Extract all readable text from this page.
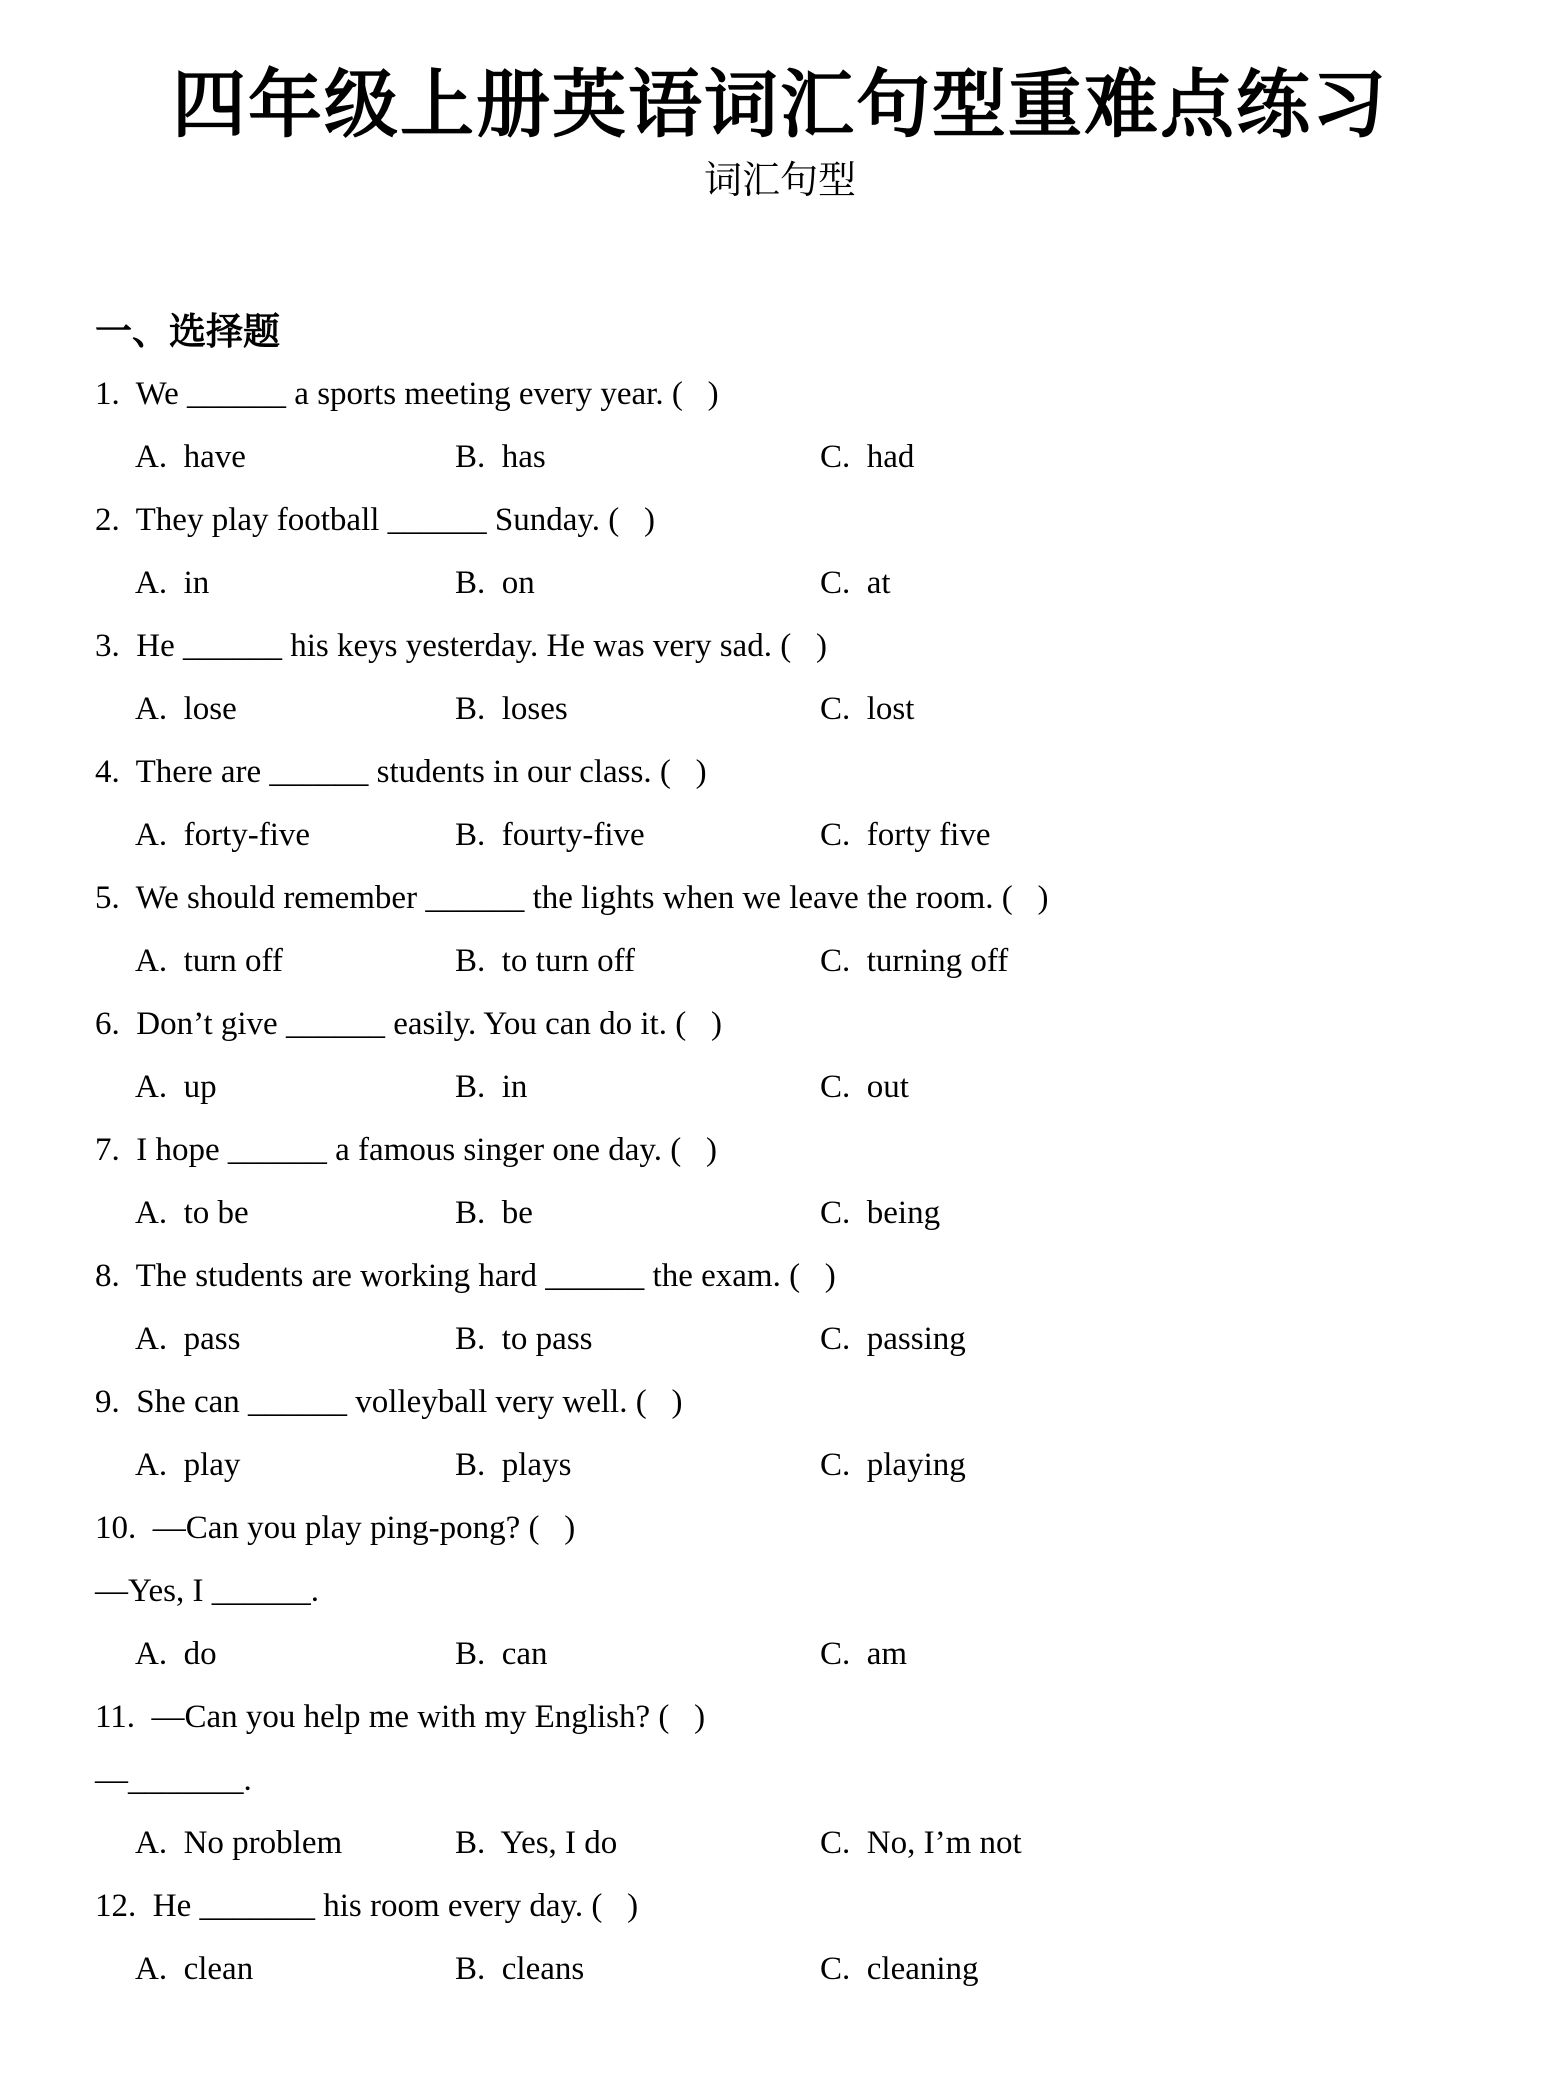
四年级上册英语词汇句型重难点练习
词汇句型
一、选择题
1.  We ______ a sports meeting every year. (   )
A.  have	B.  has	C.  had
2.  They play football ______ Sunday. (   )
A.  in	B.  on	C.  at
3.  He ______ his keys yesterday. He was very sad. (   )
A.  lose	B.  loses	C.  lost
4.  There are ______ students in our class. (   )
A.  forty-five	B.  fourty-five	C.  forty five
5.  We should remember ______ the lights when we leave the room. (   )
A.  turn off	B.  to turn off	C.  turning off
6.  Don’t give ______ easily. You can do it. (   )
A.  up	B.  in	C.  out
7.  I hope ______ a famous singer one day. (   )
A.  to be	B.  be	C.  being
8.  The students are working hard ______ the exam. (   )
A.  pass	B.  to pass	C.  passing
9.  She can ______ volleyball very well. (   )
A.  play	B.  plays	C.  playing
10.  —Can you play ping-pong? (   )
—Yes, I ______.
A.  do	B.  can	C.  am
11.  —Can you help me with my English? (   )
—_______.
A.  No problem	B.  Yes, I do	C.  No, I’m not
12.  He _______ his room every day. (   )
A.  clean	B.  cleans	C.  cleaning
